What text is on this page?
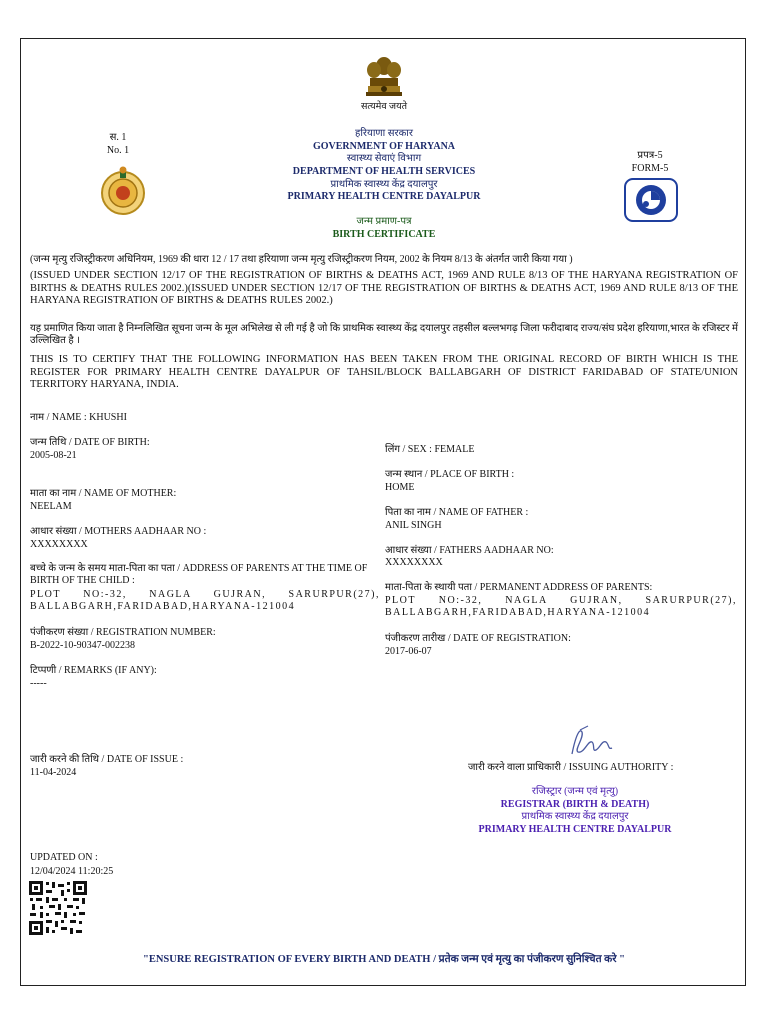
सत्यमेव जयते
स. 1
No. 1
हरियाणा सरकार
GOVERNMENT OF HARYANA
स्वास्थ्य सेवाएं विभाग
DEPARTMENT OF HEALTH SERVICES
प्राथमिक स्वास्थ्य केंद्र दयालपुर
PRIMARY HEALTH CENTRE DAYALPUR
जन्म प्रमाण-पत्र
BIRTH CERTIFICATE
प्रपत्र-5
FORM-5
(जन्म मृत्यु रजिस्ट्रीकरण अधिनियम, 1969 की धारा 12 / 17 तथा हरियाणा जन्म मृत्यु रजिस्ट्रीकरण नियम, 2002 के नियम 8/13 के अंतर्गत जारी किया गया )
(ISSUED UNDER SECTION 12/17 OF THE REGISTRATION OF BIRTHS & DEATHS ACT, 1969 AND RULE 8/13 OF THE HARYANA REGISTRATION OF BIRTHS & DEATHS RULES 2002.)(ISSUED UNDER SECTION 12/17 OF THE REGISTRATION OF BIRTHS & DEATHS ACT, 1969 AND RULE 8/13 OF THE HARYANA REGISTRATION OF BIRTHS & DEATHS RULES 2002.)
यह प्रमाणित किया जाता है निम्नलिखित सूचना जन्म के मूल अभिलेख से ली गई है जो कि प्राथमिक स्वास्थ्य केंद्र दयालपुर तहसील बल्लभगढ़ जिला फरीदाबाद राज्य/संघ प्रदेश हरियाणा,भारत के रजिस्टर में उल्लिखित है ।
THIS IS TO CERTIFY THAT THE FOLLOWING INFORMATION HAS BEEN TAKEN FROM THE ORIGINAL RECORD OF BIRTH WHICH IS THE REGISTER FOR PRIMARY HEALTH CENTRE DAYALPUR OF TAHSIL/BLOCK BALLABGARH OF DISTRICT FARIDABAD OF STATE/UNION TERRITORY HARYANA, INDIA.
नाम / NAME : KHUSHI
जन्म तिथि / DATE OF BIRTH:
2005-08-21
माता का नाम / NAME OF MOTHER:
NEELAM
आधार संख्या / MOTHERS AADHAAR NO :
XXXXXXXX
बच्चे के जन्म के समय माता-पिता का पता / ADDRESS OF PARENTS AT THE TIME OF BIRTH OF THE CHILD :
PLOT NO:-32, NAGLA GUJRAN, SARURPUR(27), BALLABGARH,FARIDABAD,HARYANA-121004
पंजीकरण संख्या / REGISTRATION NUMBER:
B-2022-10-90347-002238
टिप्पणी / REMARKS (IF ANY):
-----
लिंग / SEX : FEMALE
जन्म स्थान / PLACE OF BIRTH :
HOME
पिता का नाम / NAME OF FATHER :
ANIL SINGH
आधार संख्या / FATHERS AADHAAR NO:
XXXXXXXX
माता-पिता के स्थायी पता / PERMANENT ADDRESS OF PARENTS:
PLOT NO:-32, NAGLA GUJRAN, SARURPUR(27), BALLABGARH,FARIDABAD,HARYANA-121004
पंजीकरण तारीख / DATE OF REGISTRATION:
2017-06-07
जारी करने की तिथि / DATE OF ISSUE :
11-04-2024	जारी करने वाला प्राधिकारी / ISSUING AUTHORITY :
रजिस्ट्रार (जन्म एवं मृत्यु)
REGISTRAR (BIRTH & DEATH)
प्राथमिक स्वास्थ्य केंद्र दयालपुर
PRIMARY HEALTH CENTRE DAYALPUR
UPDATED ON :
12/04/2024 11:20:25
"ENSURE REGISTRATION OF EVERY BIRTH AND DEATH / प्रतेक जन्म एवं मृत्यु का पंजीकरण सुनिश्चित करे "
